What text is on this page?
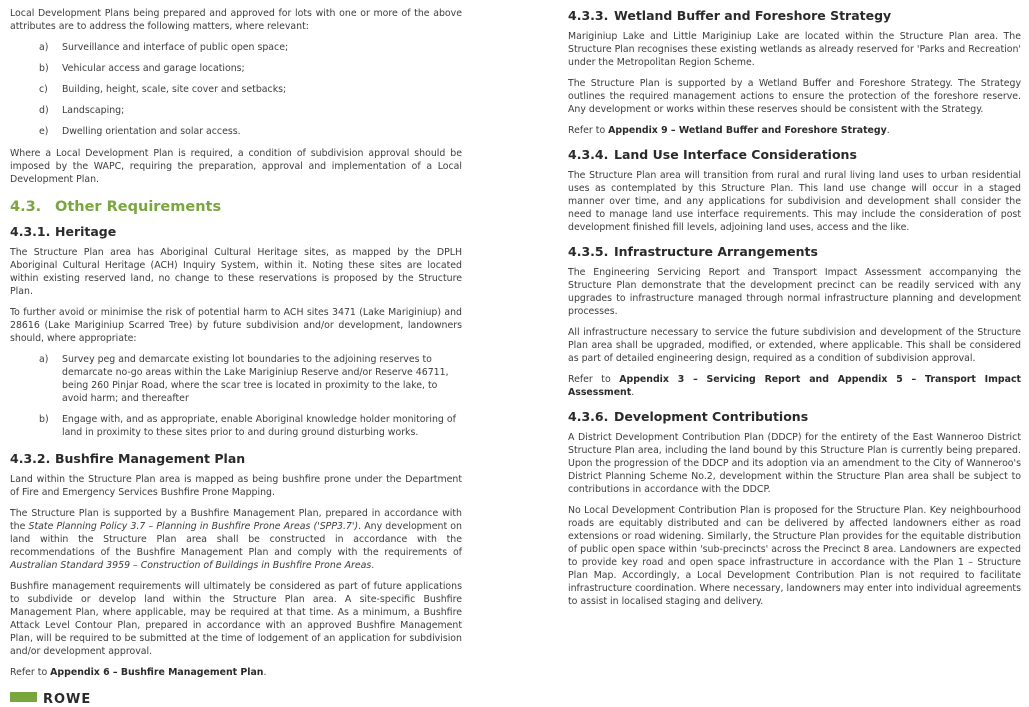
Local Development Plans being prepared and approved for lots with one or more of the above attributes are to address the following matters, where relevant:

a)	Surveillance and interface of public open space;
b)	Vehicular access and garage locations;
c)	Building, height, scale, site cover and setbacks;
d)	Landscaping;
e)	Dwelling orientation and solar access.

Where a Local Development Plan is required, a condition of subdivision approval should be imposed by the WAPC, requiring the preparation, approval and implementation of a Local Development Plan.

4.3. Other Requirements
4.3.1. Heritage

The Structure Plan area has Aboriginal Cultural Heritage sites, as mapped by the DPLH Aboriginal Cultural Heritage (ACH) Inquiry System, within it. Noting these sites are located within existing reserved land, no change to these reservations is proposed by the Structure Plan.

To further avoid or minimise the risk of potential harm to ACH sites 3471 (Lake Mariginiup) and 28616 (Lake Mariginiup Scarred Tree) by future subdivision and/or development, landowners should, where appropriate:

a)	Survey peg and demarcate existing lot boundaries to the adjoining reserves to demarcate no-go areas within the Lake Mariginiup Reserve and/or Reserve 46711, being 260 Pinjar Road, where the scar tree is located in proximity to the lake, to avoid harm; and thereafter
b)	Engage with, and as appropriate, enable Aboriginal knowledge holder monitoring of land in proximity to these sites prior to and during ground disturbing works.
4.3.2. Bushfire Management Plan

Land within the Structure Plan area is mapped as being bushfire prone under the Department of Fire and Emergency Services Bushfire Prone Mapping.

The Structure Plan is supported by a Bushfire Management Plan, prepared in accordance with the State Planning Policy 3.7 – Planning in Bushfire Prone Areas ('SPP3.7'). Any development on land within the Structure Plan area shall be constructed in accordance with the recommendations of the Bushfire Management Plan and comply with the requirements of Australian Standard 3959 – Construction of Buildings in Bushfire Prone Areas.

Bushfire management requirements will ultimately be considered as part of future applications to subdivide or develop land within the Structure Plan area. A site-specific Bushfire Management Plan, where applicable, may be required at that time. As a minimum, a Bushfire Attack Level Contour Plan, prepared in accordance with an approved Bushfire Management Plan, will be required to be submitted at the time of lodgement of an application for subdivision and/or development approval.

Refer to Appendix 6 – Bushfire Management Plan.

ROWE
4.3.3. Wetland Buffer and Foreshore Strategy

Mariginiup Lake and Little Mariginiup Lake are located within the Structure Plan area. The Structure Plan recognises these existing wetlands as already reserved for 'Parks and Recreation' under the Metropolitan Region Scheme.

The Structure Plan is supported by a Wetland Buffer and Foreshore Strategy. The Strategy outlines the required management actions to ensure the protection of the foreshore reserve. Any development or works within these reserves should be consistent with the Strategy.

Refer to Appendix 9 – Wetland Buffer and Foreshore Strategy.

4.3.4. Land Use Interface Considerations

The Structure Plan area will transition from rural and rural living land uses to urban residential uses as contemplated by this Structure Plan. This land use change will occur in a staged manner over time, and any applications for subdivision and development shall consider the need to manage land use interface requirements. This may include the consideration of post development finished fill levels, adjoining land uses, access and the like.

4.3.5. Infrastructure Arrangements

The Engineering Servicing Report and Transport Impact Assessment accompanying the Structure Plan demonstrate that the development precinct can be readily serviced with any upgrades to infrastructure managed through normal infrastructure planning and development processes.

All infrastructure necessary to service the future subdivision and development of the Structure Plan area shall be upgraded, modified, or extended, where applicable. This shall be considered as part of detailed engineering design, required as a condition of subdivision approval.

Refer to Appendix 3 – Servicing Report and Appendix 5 – Transport Impact Assessment.

4.3.6. Development Contributions

A District Development Contribution Plan (DDCP) for the entirety of the East Wanneroo District Structure Plan area, including the land bound by this Structure Plan is currently being prepared. Upon the progression of the DDCP and its adoption via an amendment to the City of Wanneroo's District Planning Scheme No.2, development within the Structure Plan area shall be subject to contributions in accordance with the DDCP.

No Local Development Contribution Plan is proposed for the Structure Plan. Key neighbourhood roads are equitably distributed and can be delivered by affected landowners either as road extensions or road widening. Similarly, the Structure Plan provides for the equitable distribution of public open space within 'sub-precincts' across the Precinct 8 area. Landowners are expected to provide key road and open space infrastructure in accordance with the Plan 1 – Structure Plan Map. Accordingly, a Local Development Contribution Plan is not required to facilitate infrastructure coordination. Where necessary, landowners may enter into individual agreements to assist in localised staging and delivery.
